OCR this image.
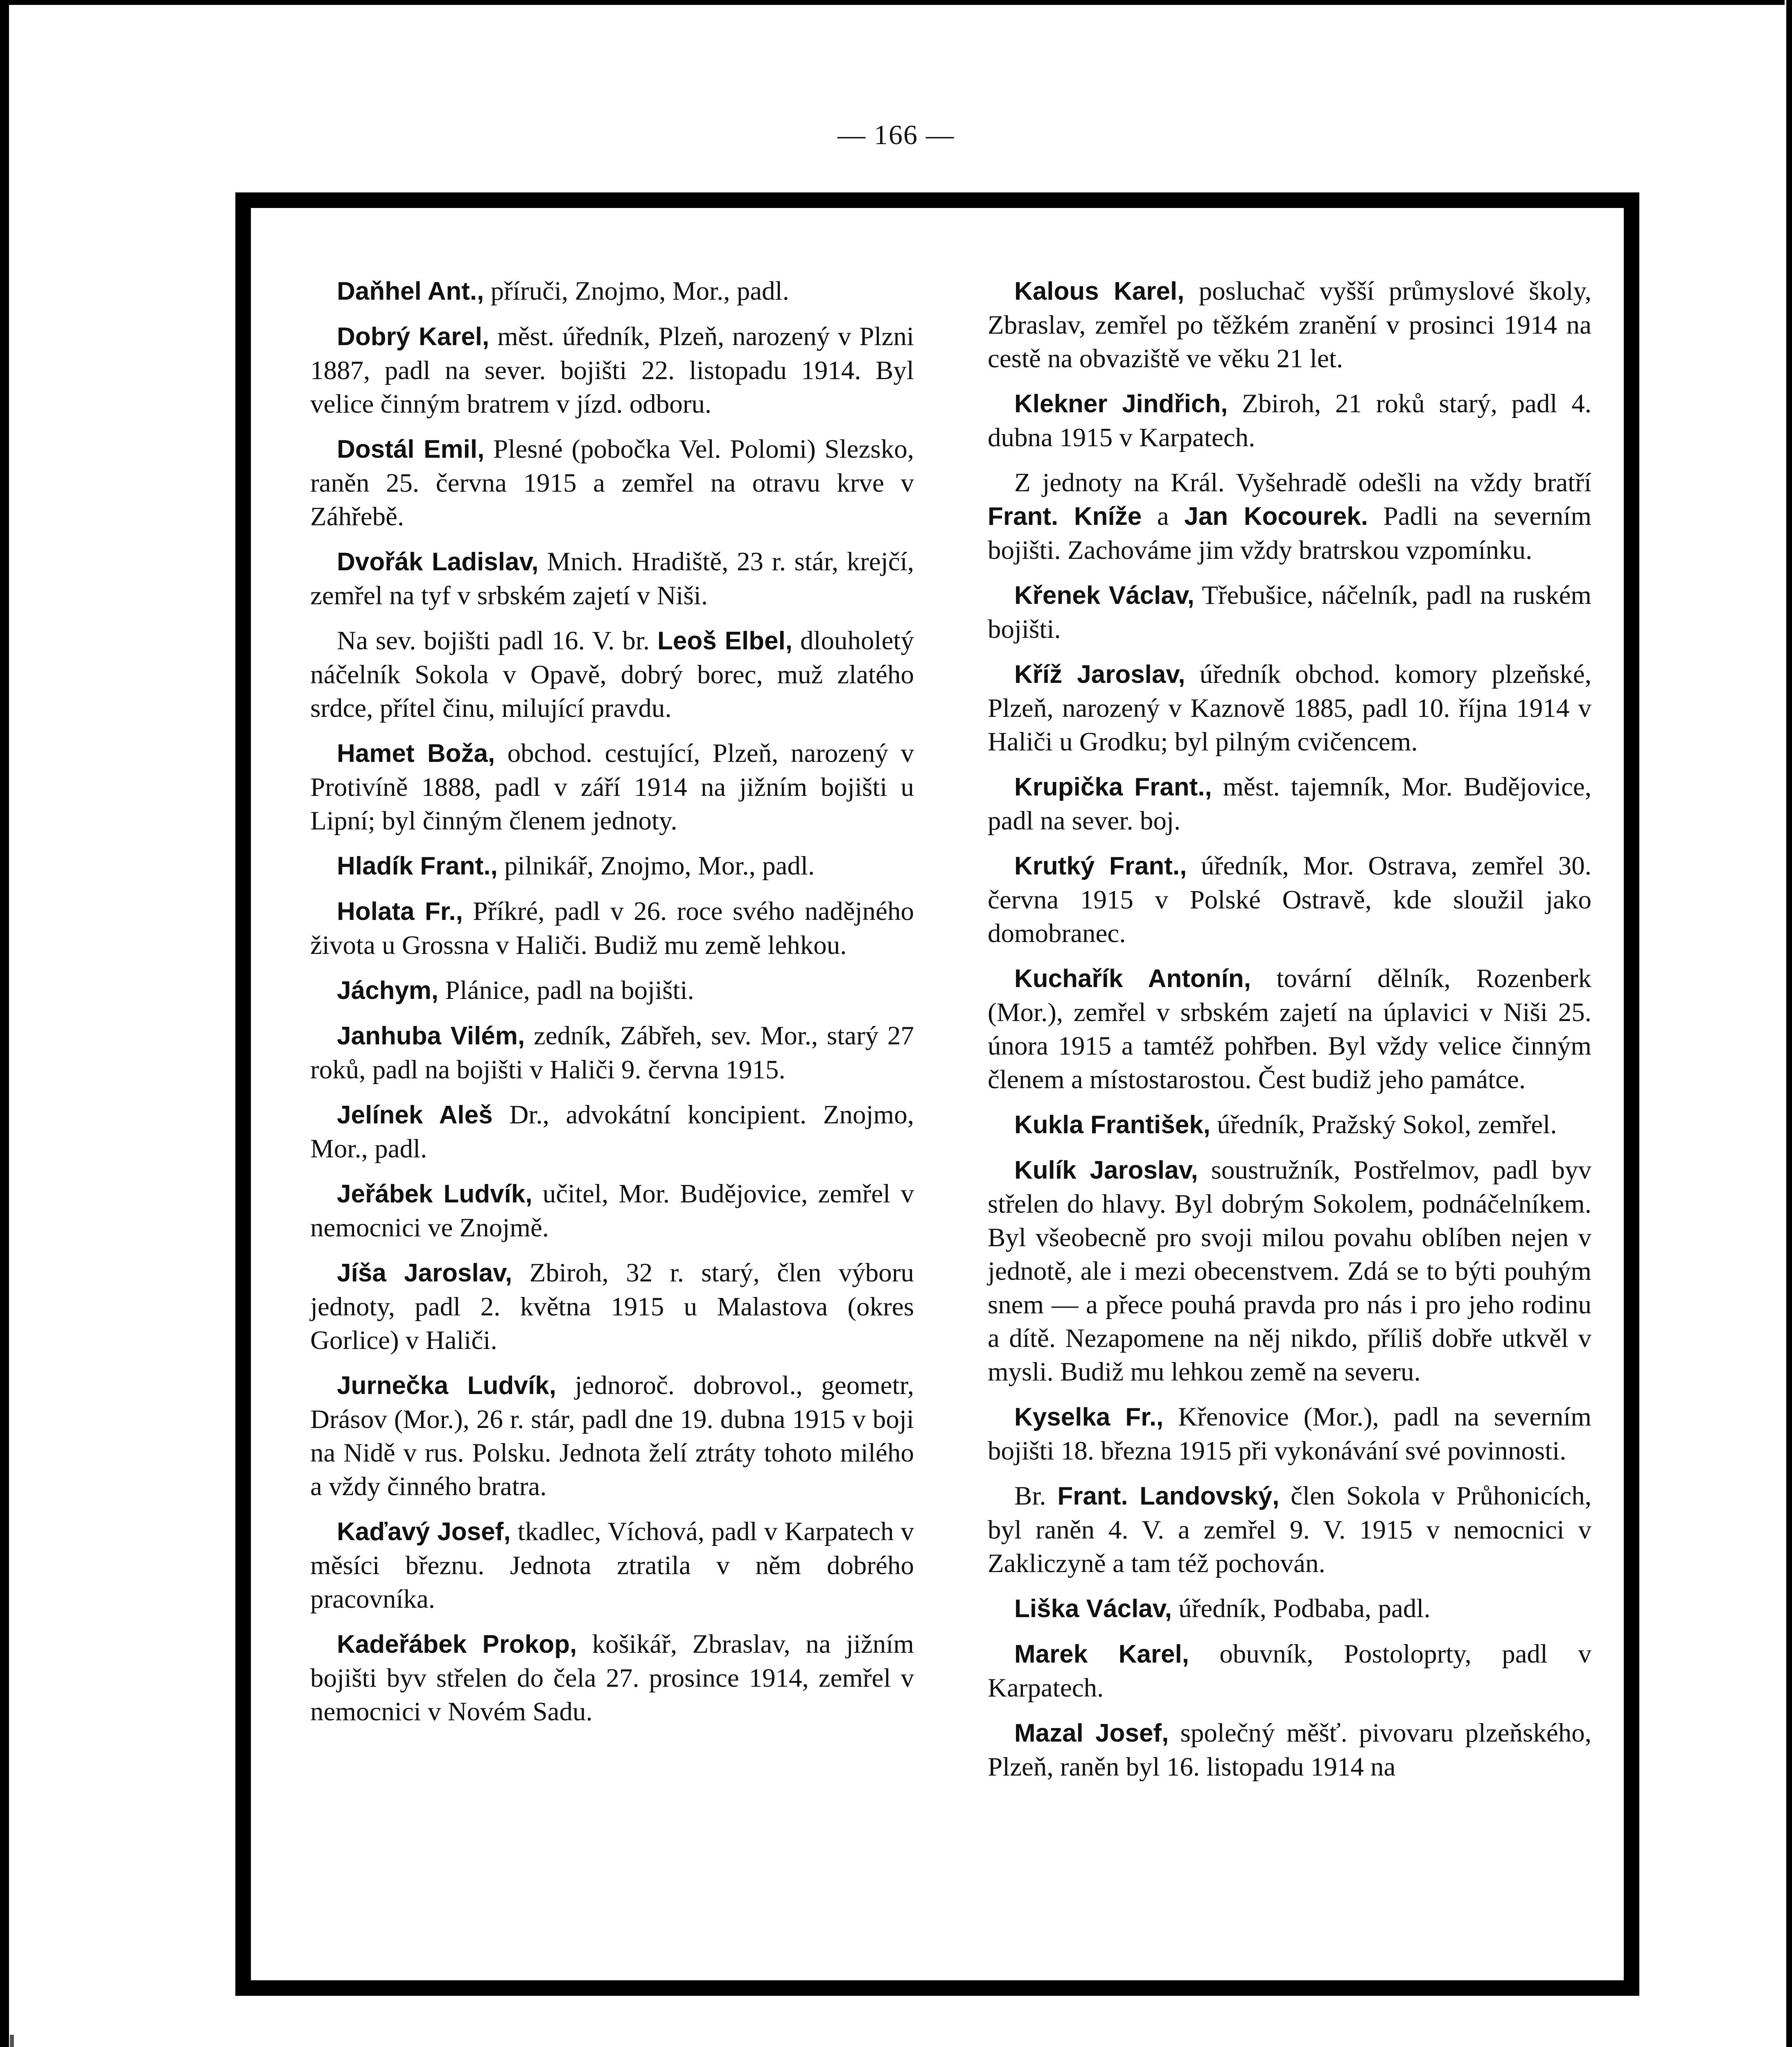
— 166 —

Daňhel Ant., příruči, Znojmo, Mor., padl.

Dobrý Karel, měst. úředník, Plzeň, narozený v Plzni 1887, padl na sever. bojišti 22. listopadu 1914. Byl velice činným bratrem v jízd. odboru.

Dostál Emil, Plesné (pobočka Vel. Polomi) Slezsko, raněn 25. června 1915 a zemřel na otravu krve v Záhřebě.

Dvořák Ladislav, Mnich. Hradiště, 23 r. stár, krejčí, zemřel na tyf v srbském zajetí v Niši.

Na sev. bojišti padl 16. V. br. Leoš Elbel, dlouholetý náčelník Sokola v Opavě, dobrý borec, muž zlatého srdce, přítel činu, milující pravdu.

Hamet Boža, obchod. cestující, Plzeň, narozený v Protivíně 1888, padl v září 1914 na jižním bojišti u Lipní; byl činným členem jednoty.

Hladík Frant., pilnikář, Znojmo, Mor., padl.

Holata Fr., Příkré, padl v 26. roce svého nadějného života u Grossna v Haliči. Budiž mu země lehkou.

Jáchym, Plánice, padl na bojišti.

Janhuba Vilém, zedník, Zábřeh, sev. Mor., starý 27 roků, padl na bojišti v Haliči 9. června 1915.

Jelínek Aleš Dr., advokátní koncipient. Znojmo, Mor., padl.

Jeřábek Ludvík, učitel, Mor. Budějovice, zemřel v nemocnici ve Znojmě.

Jíša Jaroslav, Zbiroh, 32 r. starý, člen výboru jednoty, padl 2. května 1915 u Malastova (okres Gorlice) v Haliči.

Jurnečka Ludvík, jednoroč. dobrovol., geometr, Drásov (Mor.), 26 r. stár, padl dne 19. dubna 1915 v boji na Nidě v rus. Polsku. Jednota želí ztráty tohoto milého a vždy činného bratra.

Kaďavý Josef, tkadlec, Víchová, padl v Karpatech v měsíci březnu. Jednota ztratila v něm dobrého pracovníka.

Kadeřábek Prokop, košikář, Zbraslav, na jižním bojišti byv střelen do čela 27. prosince 1914, zemřel v nemocnici v Novém Sadu.

Kalous Karel, posluchač vyšší průmyslové školy, Zbraslav, zemřel po těžkém zranění v prosinci 1914 na cestě na obvaziště ve věku 21 let.

Klekner Jindřich, Zbiroh, 21 roků starý, padl 4. dubna 1915 v Karpatech.

Z jednoty na Král. Vyšehradě odešli na vždy bratří Frant. Kníže a Jan Kocourek. Padli na severním bojišti. Zachováme jim vždy bratrskou vzpomínku.

Křenek Václav, Třebušice, náčelník, padl na ruském bojišti.

Kříž Jaroslav, úředník obchod. komory plzeňské, Plzeň, narozený v Kaznově 1885, padl 10. října 1914 v Haliči u Grodku; byl pilným cvičencem.

Krupička Frant., měst. tajemník, Mor. Budějovice, padl na sever. boj.

Krutký Frant., úředník, Mor. Ostrava, zemřel 30. června 1915 v Polské Ostravě, kde sloužil jako domobranec.

Kuchařík Antonín, tovární dělník, Rozenberk (Mor.), zemřel v srbském zajetí na úplavici v Niši 25. února 1915 a tamtéž pohřben. Byl vždy velice činným členem a místostarostou. Čest budiž jeho památce.

Kukla František, úředník, Pražský Sokol, zemřel.

Kulík Jaroslav, soustružník, Postřelmov, padl byv střelen do hlavy. Byl dobrým Sokolem, podnáčelníkem. Byl všeobecně pro svoji milou povahu oblíben nejen v jednotě, ale i mezi obecenstvem. Zdá se to býti pouhým snem — a přece pouhá pravda pro nás i pro jeho rodinu a dítě. Nezapomene na něj nikdo, příliš dobře utkvěl v mysli. Budiž mu lehkou země na severu.

Kyselka Fr., Křenovice (Mor.), padl na severním bojišti 18. března 1915 při vykonávání své povinnosti.

Br. Frant. Landovský, člen Sokola v Průhonicích, byl raněn 4. V. a zemřel 9. V. 1915 v nemocnici v Zakliczyně a tam též pochován.

Liška Václav, úředník, Podbaba, padl.

Marek Karel, obuvník, Postoloprty, padl v Karpatech.

Mazal Josef, společný měšť. pivovaru plzeňského, Plzeň, raněn byl 16. listopadu 1914 na
